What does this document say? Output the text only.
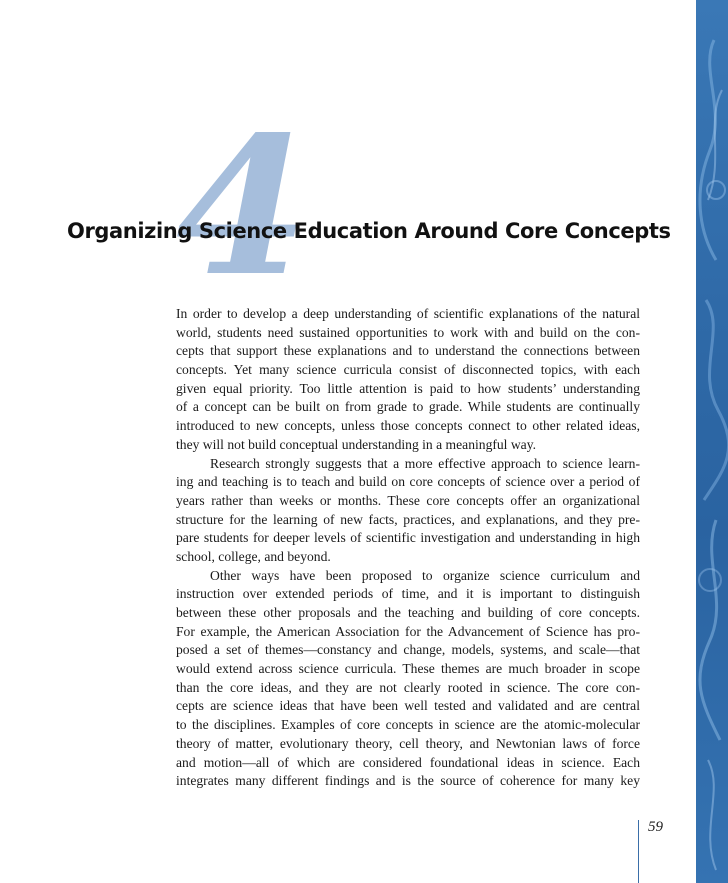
4
Organizing Science Education Around Core Concepts
In order to develop a deep understanding of scientific explanations of the natural
world, students need sustained opportunities to work with and build on the con-
cepts that support these explanations and to understand the connections between
concepts. Yet many science curricula consist of disconnected topics, with each
given equal priority. Too little attention is paid to how students’ understanding
of a concept can be built on from grade to grade. While students are continually
introduced to new concepts, unless those concepts connect to other related ideas,
they will not build conceptual understanding in a meaningful way.
Research strongly suggests that a more effective approach to science learn-
ing and teaching is to teach and build on core concepts of science over a period of
years rather than weeks or months. These core concepts offer an organizational
structure for the learning of new facts, practices, and explanations, and they pre-
pare students for deeper levels of scientific investigation and understanding in high
school, college, and beyond.
Other ways have been proposed to organize science curriculum and
instruction over extended periods of time, and it is important to distinguish
between these other proposals and the teaching and building of core concepts.
For example, the American Association for the Advancement of Science has pro-
posed a set of themes—constancy and change, models, systems, and scale—that
would extend across science curricula. These themes are much broader in scope
than the core ideas, and they are not clearly rooted in science. The core con-
cepts are science ideas that have been well tested and validated and are central
to the disciplines. Examples of core concepts in science are the atomic-molecular
theory of matter, evolutionary theory, cell theory, and Newtonian laws of force
and motion—all of which are considered foundational ideas in science. Each
integrates many different findings and is the source of coherence for many key
59
